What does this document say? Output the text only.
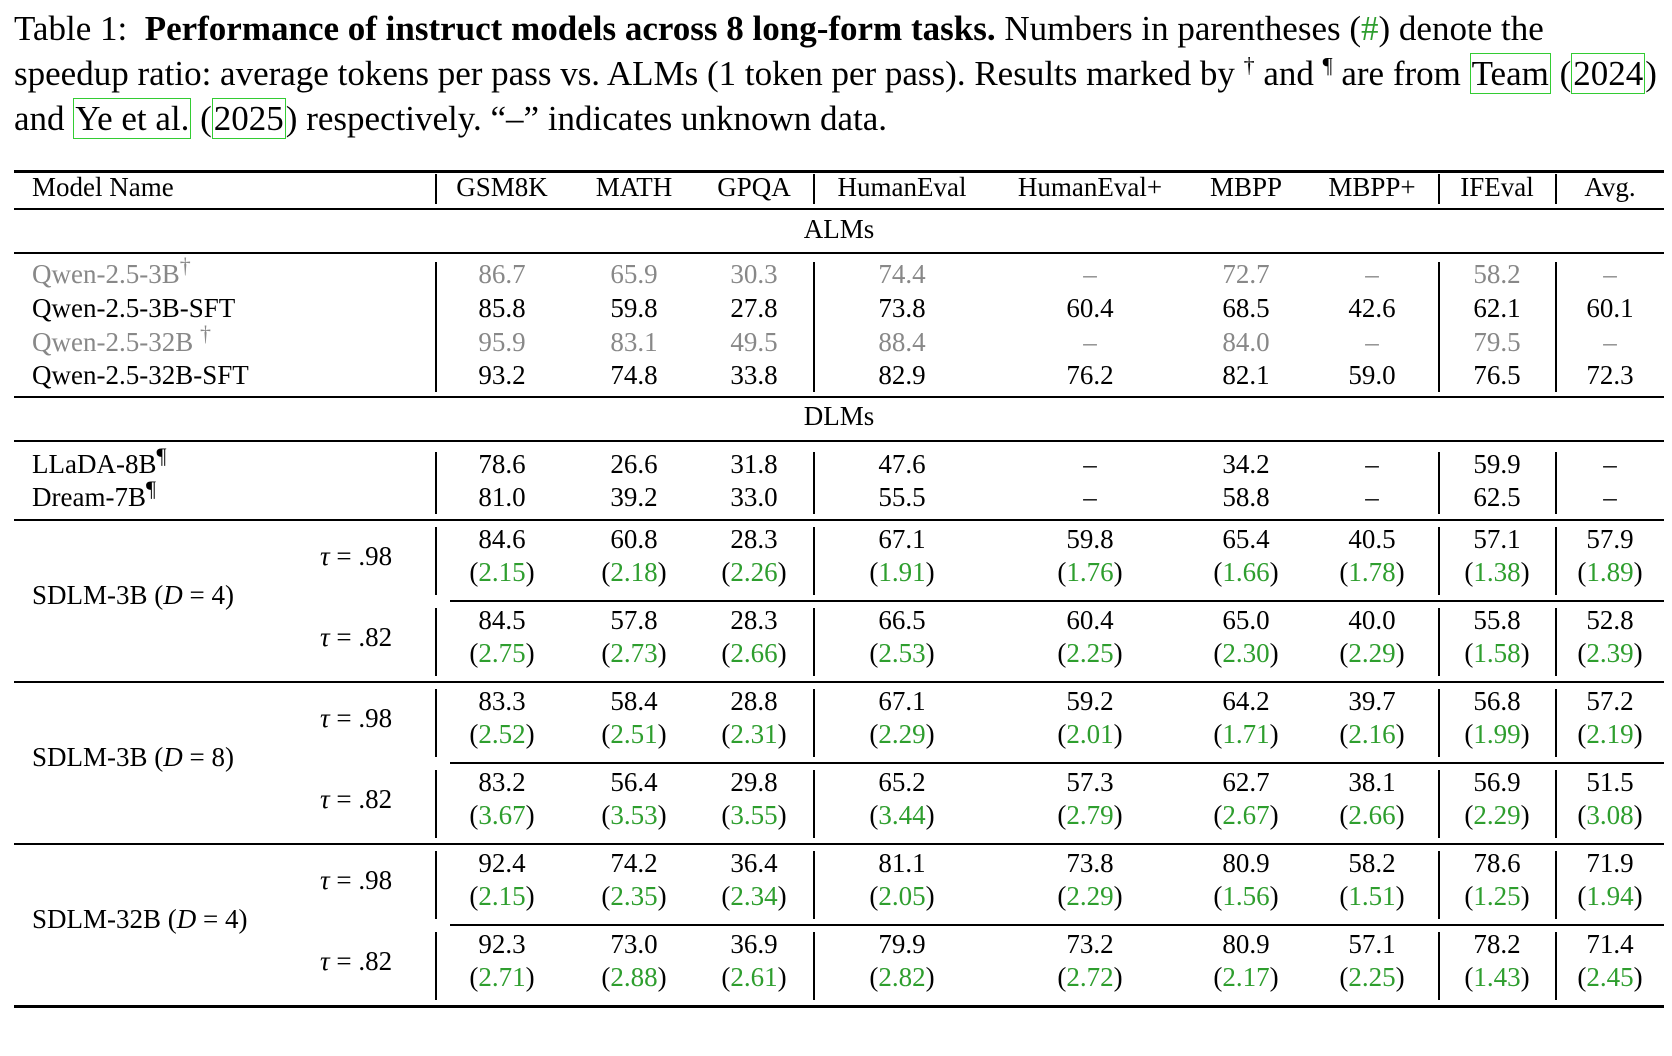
Table 1: Performance of instruct models across 8 long-form tasks. Numbers in parentheses (#) denote the speedup ratio: average tokens per pass vs. ALMs (1 token per pass). Results marked by † and ¶ are from Team (2024) and Ye et al. (2025) respectively. “–” indicates unknown data.
Model Name	GSM8K MATH GPQA HumanEval HumanEval+ MBPP MBPP+ IFEval Avg.
ALMs
Qwen-2.5-3B†	86.7	65.9	30.3	74.4	–	72.7	–	58.2	–
Qwen-2.5-3B-SFT	85.8	59.8	27.8	73.8	60.4	68.5	42.6	62.1 60.1
Qwen-2.5-32B †	95.9	83.1	49.5	88.4	–	84.0	–	79.5	–
Qwen-2.5-32B-SFT	93.2	74.8	33.8	82.9	76.2	82.1	59.0	76.5 72.3
DLMs
LLaDA-8B¶	78.6	26.6	31.8	47.6	–	34.2	–	59.9	–
Dream-7B¶	81.0	39.2	33.0	55.5	–	58.8	–	62.5	–
SDLM-3B (D = 4)
τ = .98
84.6	60.8	28.3	67.1	59.8	65.4	40.5	57.1 57.9
(2.15) (2.18) (2.26)	(1.91)	(1.76)	(1.66) (1.78) (1.38) (1.89)
τ = .82
84.5	57.8	28.3	66.5	60.4	65.0	40.0	55.8 52.8
(2.75) (2.73) (2.66)	(2.53)	(2.25)	(2.30) (2.29) (1.58) (2.39)
SDLM-3B (D = 8)
τ = .98
83.3	58.4	28.8	67.1	59.2	64.2	39.7	56.8 57.2
(2.52) (2.51) (2.31)	(2.29)	(2.01)	(1.71) (2.16) (1.99) (2.19)
τ = .82
83.2	56.4	29.8	65.2	57.3	62.7	38.1	56.9 51.5
(3.67) (3.53) (3.55)	(3.44)	(2.79)	(2.67) (2.66) (2.29) (3.08)
SDLM-32B (D = 4)
τ = .98
92.4	74.2	36.4	81.1	73.8	80.9	58.2	78.6 71.9
(2.15) (2.35) (2.34)	(2.05)	(2.29)	(1.56) (1.51) (1.25) (1.94)
τ = .82
92.3	73.0	36.9	79.9	73.2	80.9	57.1	78.2 71.4
(2.71) (2.88) (2.61)	(2.82)	(2.72)	(2.17) (2.25) (1.43) (2.45)
